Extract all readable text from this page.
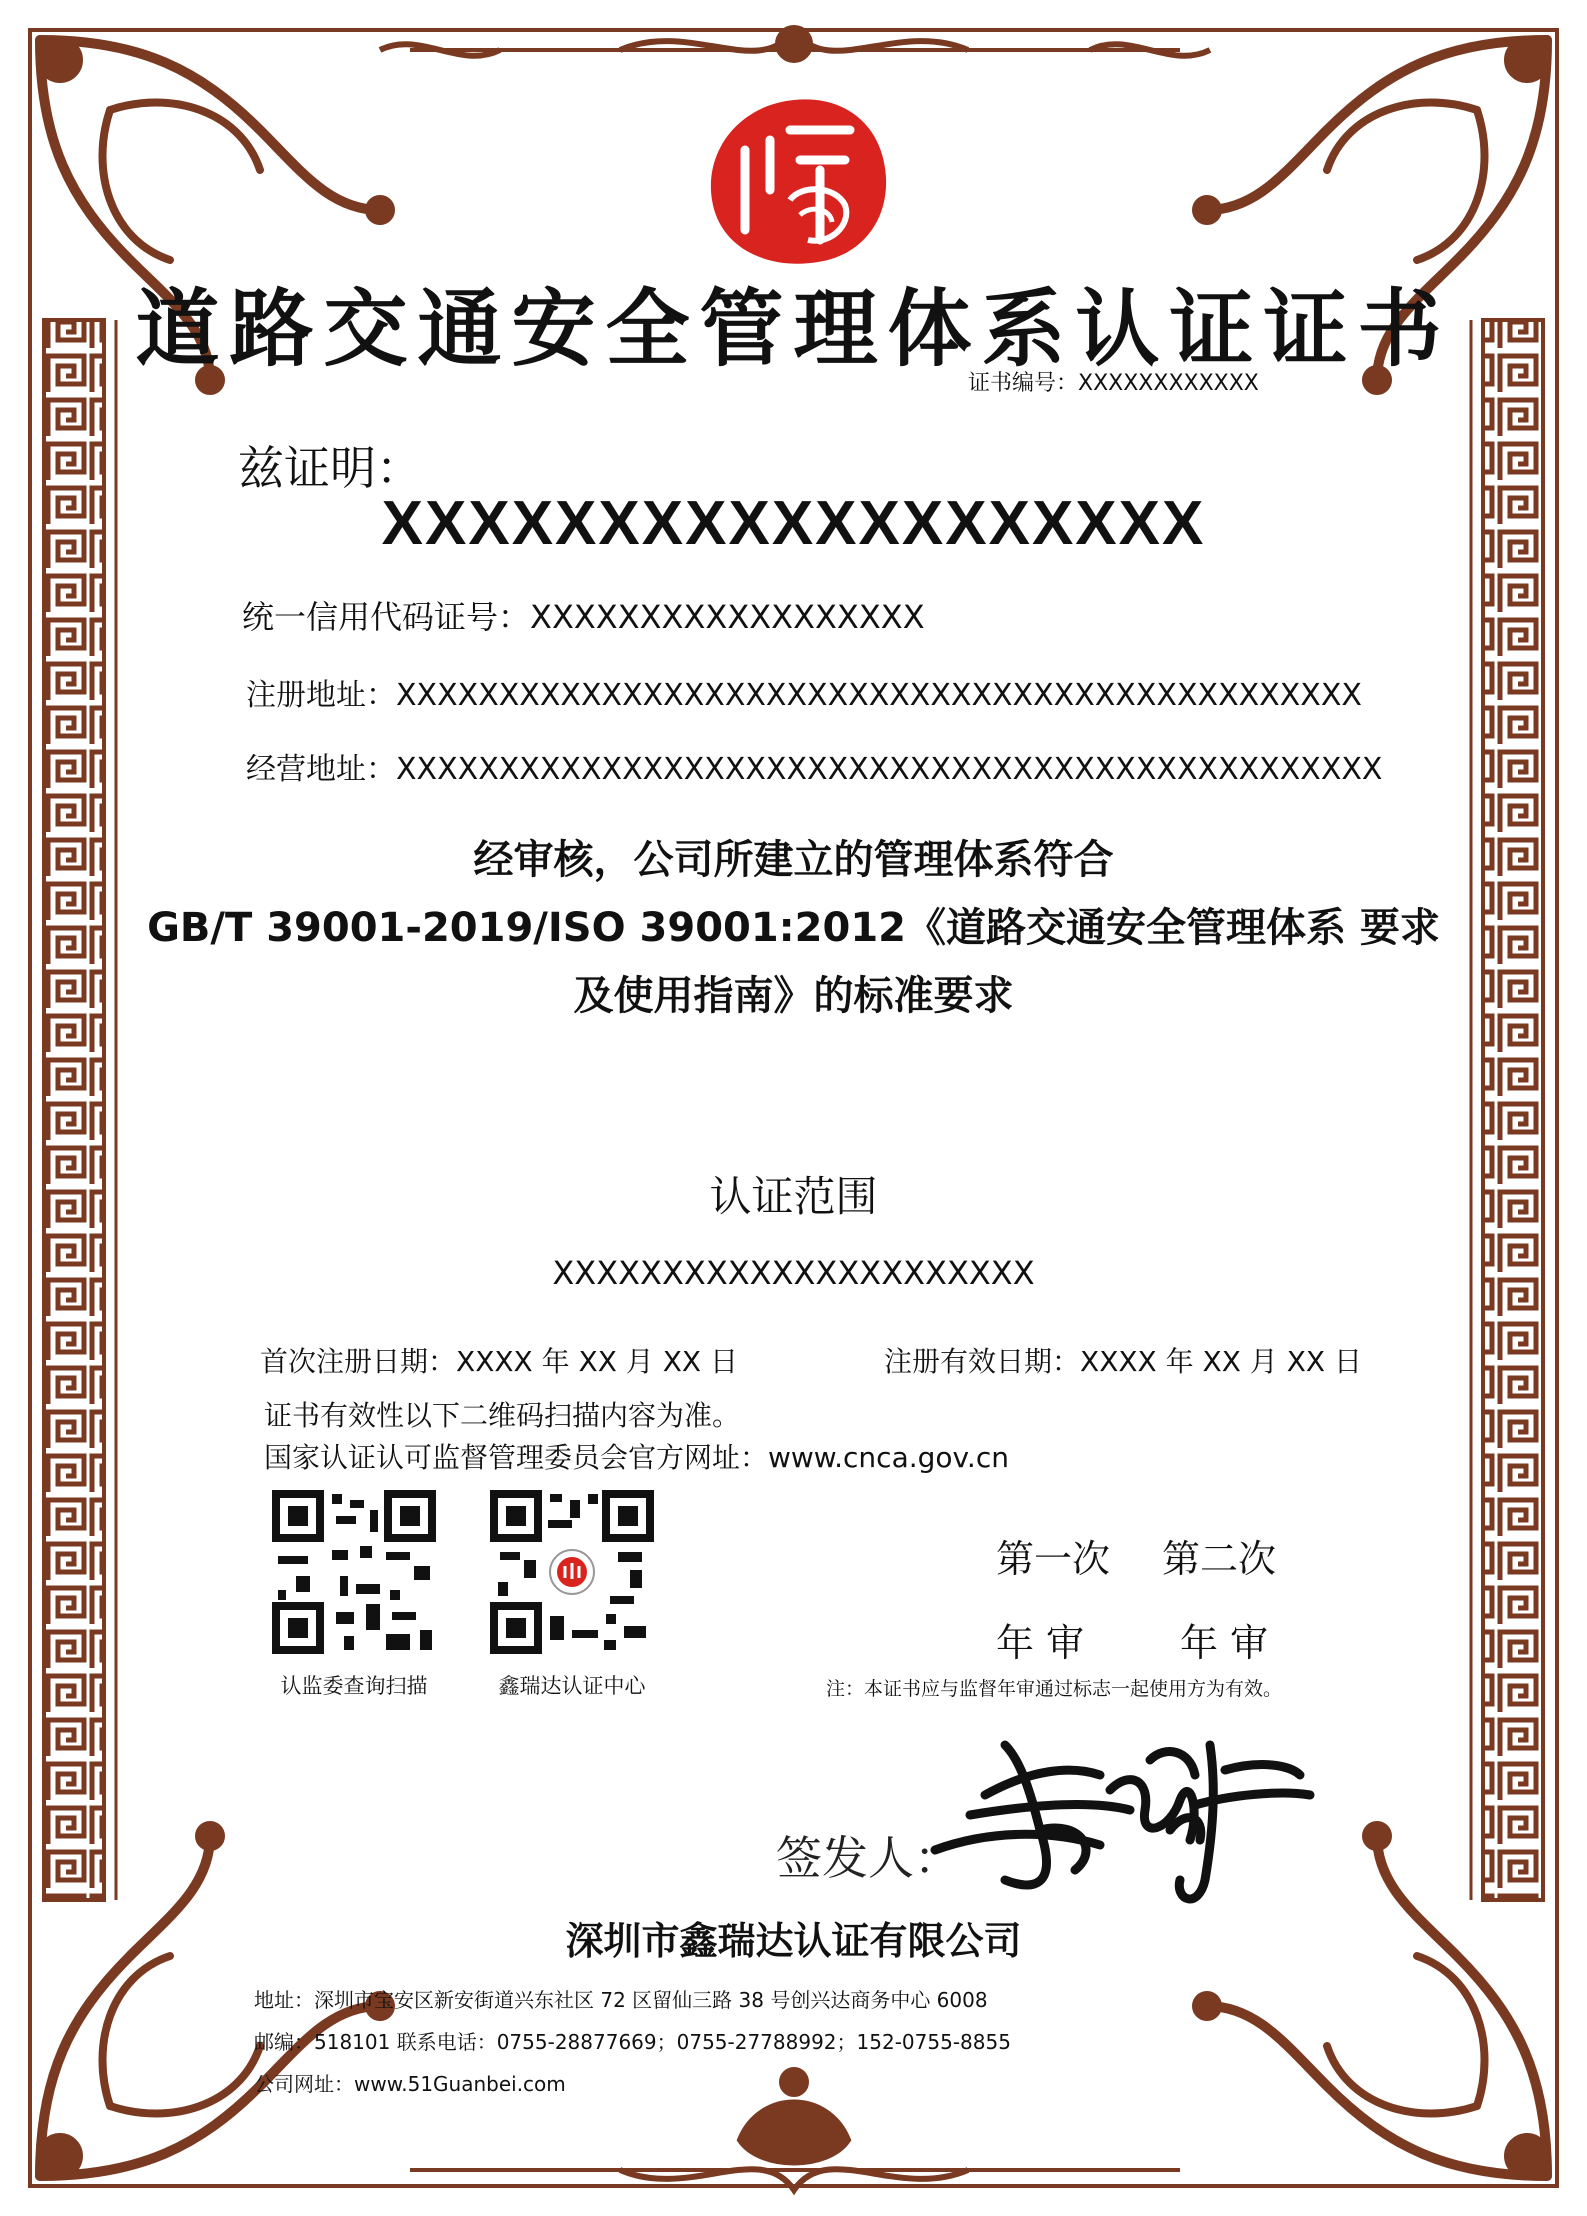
道路交通安全管理体系认证证书
证书编号：XXXXXXXXXXXX
兹证明：
XXXXXXXXXXXXXXXXXXX
统一信用代码证号：XXXXXXXXXXXXXXXXXX
注册地址：XXXXXXXXXXXXXXXXXXXXXXXXXXXXXXXXXXXXXXXXXXXXXXX
经营地址：XXXXXXXXXXXXXXXXXXXXXXXXXXXXXXXXXXXXXXXXXXXXXXXX
经审核，公司所建立的管理体系符合
GB/T 39001-2019/ISO 39001:2012《道路交通安全管理体系 要求
及使用指南》的标准要求
认证范围
XXXXXXXXXXXXXXXXXXXXXX
首次注册日期：XXXX 年 XX 月 XX 日	注册有效日期：XXXX 年 XX 月 XX 日
证书有效性以下二维码扫描内容为准。
国家认证认可监督管理委员会官方网址：www.cnca.gov.cn
认监委查询扫描	鑫瑞达认证中心
第一次 第二次
年 审	年 审
注：本证书应与监督年审通过标志一起使用方为有效。
签发人：
深圳市鑫瑞达认证有限公司
地址：深圳市宝安区新安街道兴东社区 72 区留仙三路 38 号创兴达商务中心 6008
邮编：518101 联系电话：0755-28877669；0755-27788992；152-0755-8855
公司网址：www.51Guanbei.com
